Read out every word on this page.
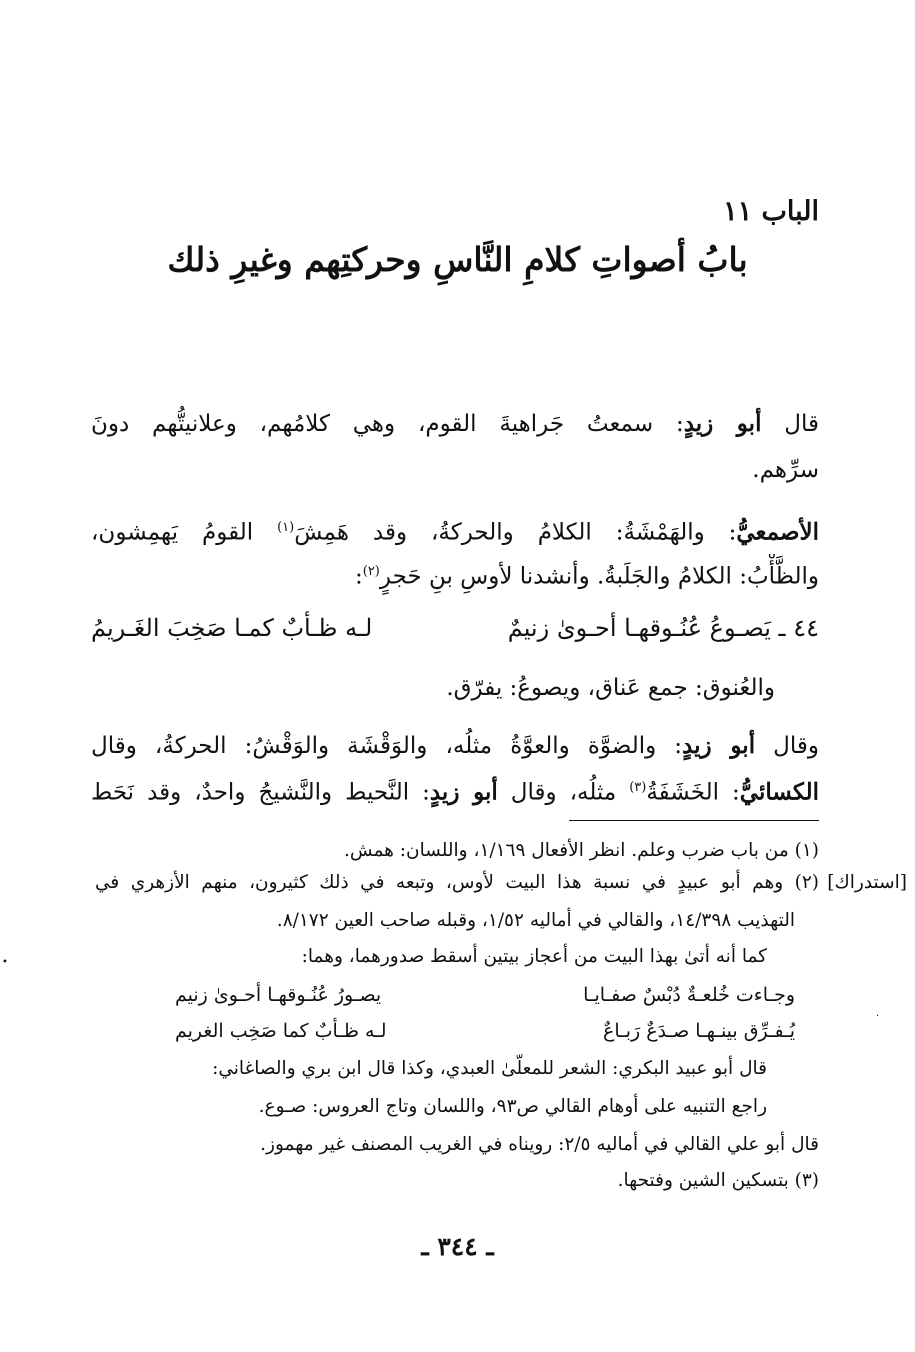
الباب ١١
بابُ أصواتِ كلامِ النَّاسِ وحركتِهم وغيرِ ذلك
قال أبو زيدٍ: سمعتُ جَراهيةَ القوم، وهي كلامُهم، وعلانيتُّهم دونَ
سرِّهم.
الأصمعيُّ: والهَمْشَةُ: الكلامُ والحركةُ، وقد هَمِشَ$^{(١)}$ القومُ يَهمِشون،
والظَّأْبُ: الكلامُ والجَلَبةُ. وأنشدنا لأوسِ بنِ حَجرٍ$^{(٢)}$:
٤٤ ـ يَصـوعُ عُنُـوقهـا أحـوىٰ زنيمٌ
لـه ظـأبٌ كمـا صَخِبَ الغَـريمُ
والعُنوق: جمع عَناق، ويصوعُ: يفرّق.
وقال أبو زيدٍ: والضوَّة والعوَّةُ مثلُه، والوَقْشَة والوَقْشُ: الحركةُ، وقال
الكسائيُّ: الخَشَفَةُ$^{(٣)}$ مثلُه، وقال أبو زيدٍ: النَّحيط والنَّشيجُ واحدٌ، وقد نَحَط
(١) من باب ضرب وعلم. انظر الأفعال ١/١٦٩، واللسان: همش.
[استدراك]
(٢) وهم أبو عبيدٍ في نسبة هذا البيت لأوس، وتبعه في ذلك كثيرون، منهم الأزهري في
التهذيب ١٤/٣٩٨، والقالي في أماليه ١/٥٢، وقبله صاحب العين ٨/١٧٢.
كما أنه أتىٰ بهذا البيت من أعجاز بيتين أسقط صدورهما، وهما:
وجـاءت خُلعـةٌ دُبْسٌ صفـايـا
يصـورُ عُنُـوقهـا أحـوىٰ زنيم
يُـفـرِّق بينـهـا صـدَعٌ رَبـاعٌ
لـه ظـأبٌ كما صَخِب الغريم
قال أبو عبيد البكري: الشعر للمعلّىٰ العبدي، وكذا قال ابن بري والصاغاني:
راجع التنبيه على أوهام القالي ص٩٣، واللسان وتاج العروس: صـوع.
قال أبو علي القالي في أماليه ٢/٥: رويناه في الغريب المصنف غير مهموز.
(٣) بتسكين الشين وفتحها.
ـ ٣٤٤ ـ
•
·
